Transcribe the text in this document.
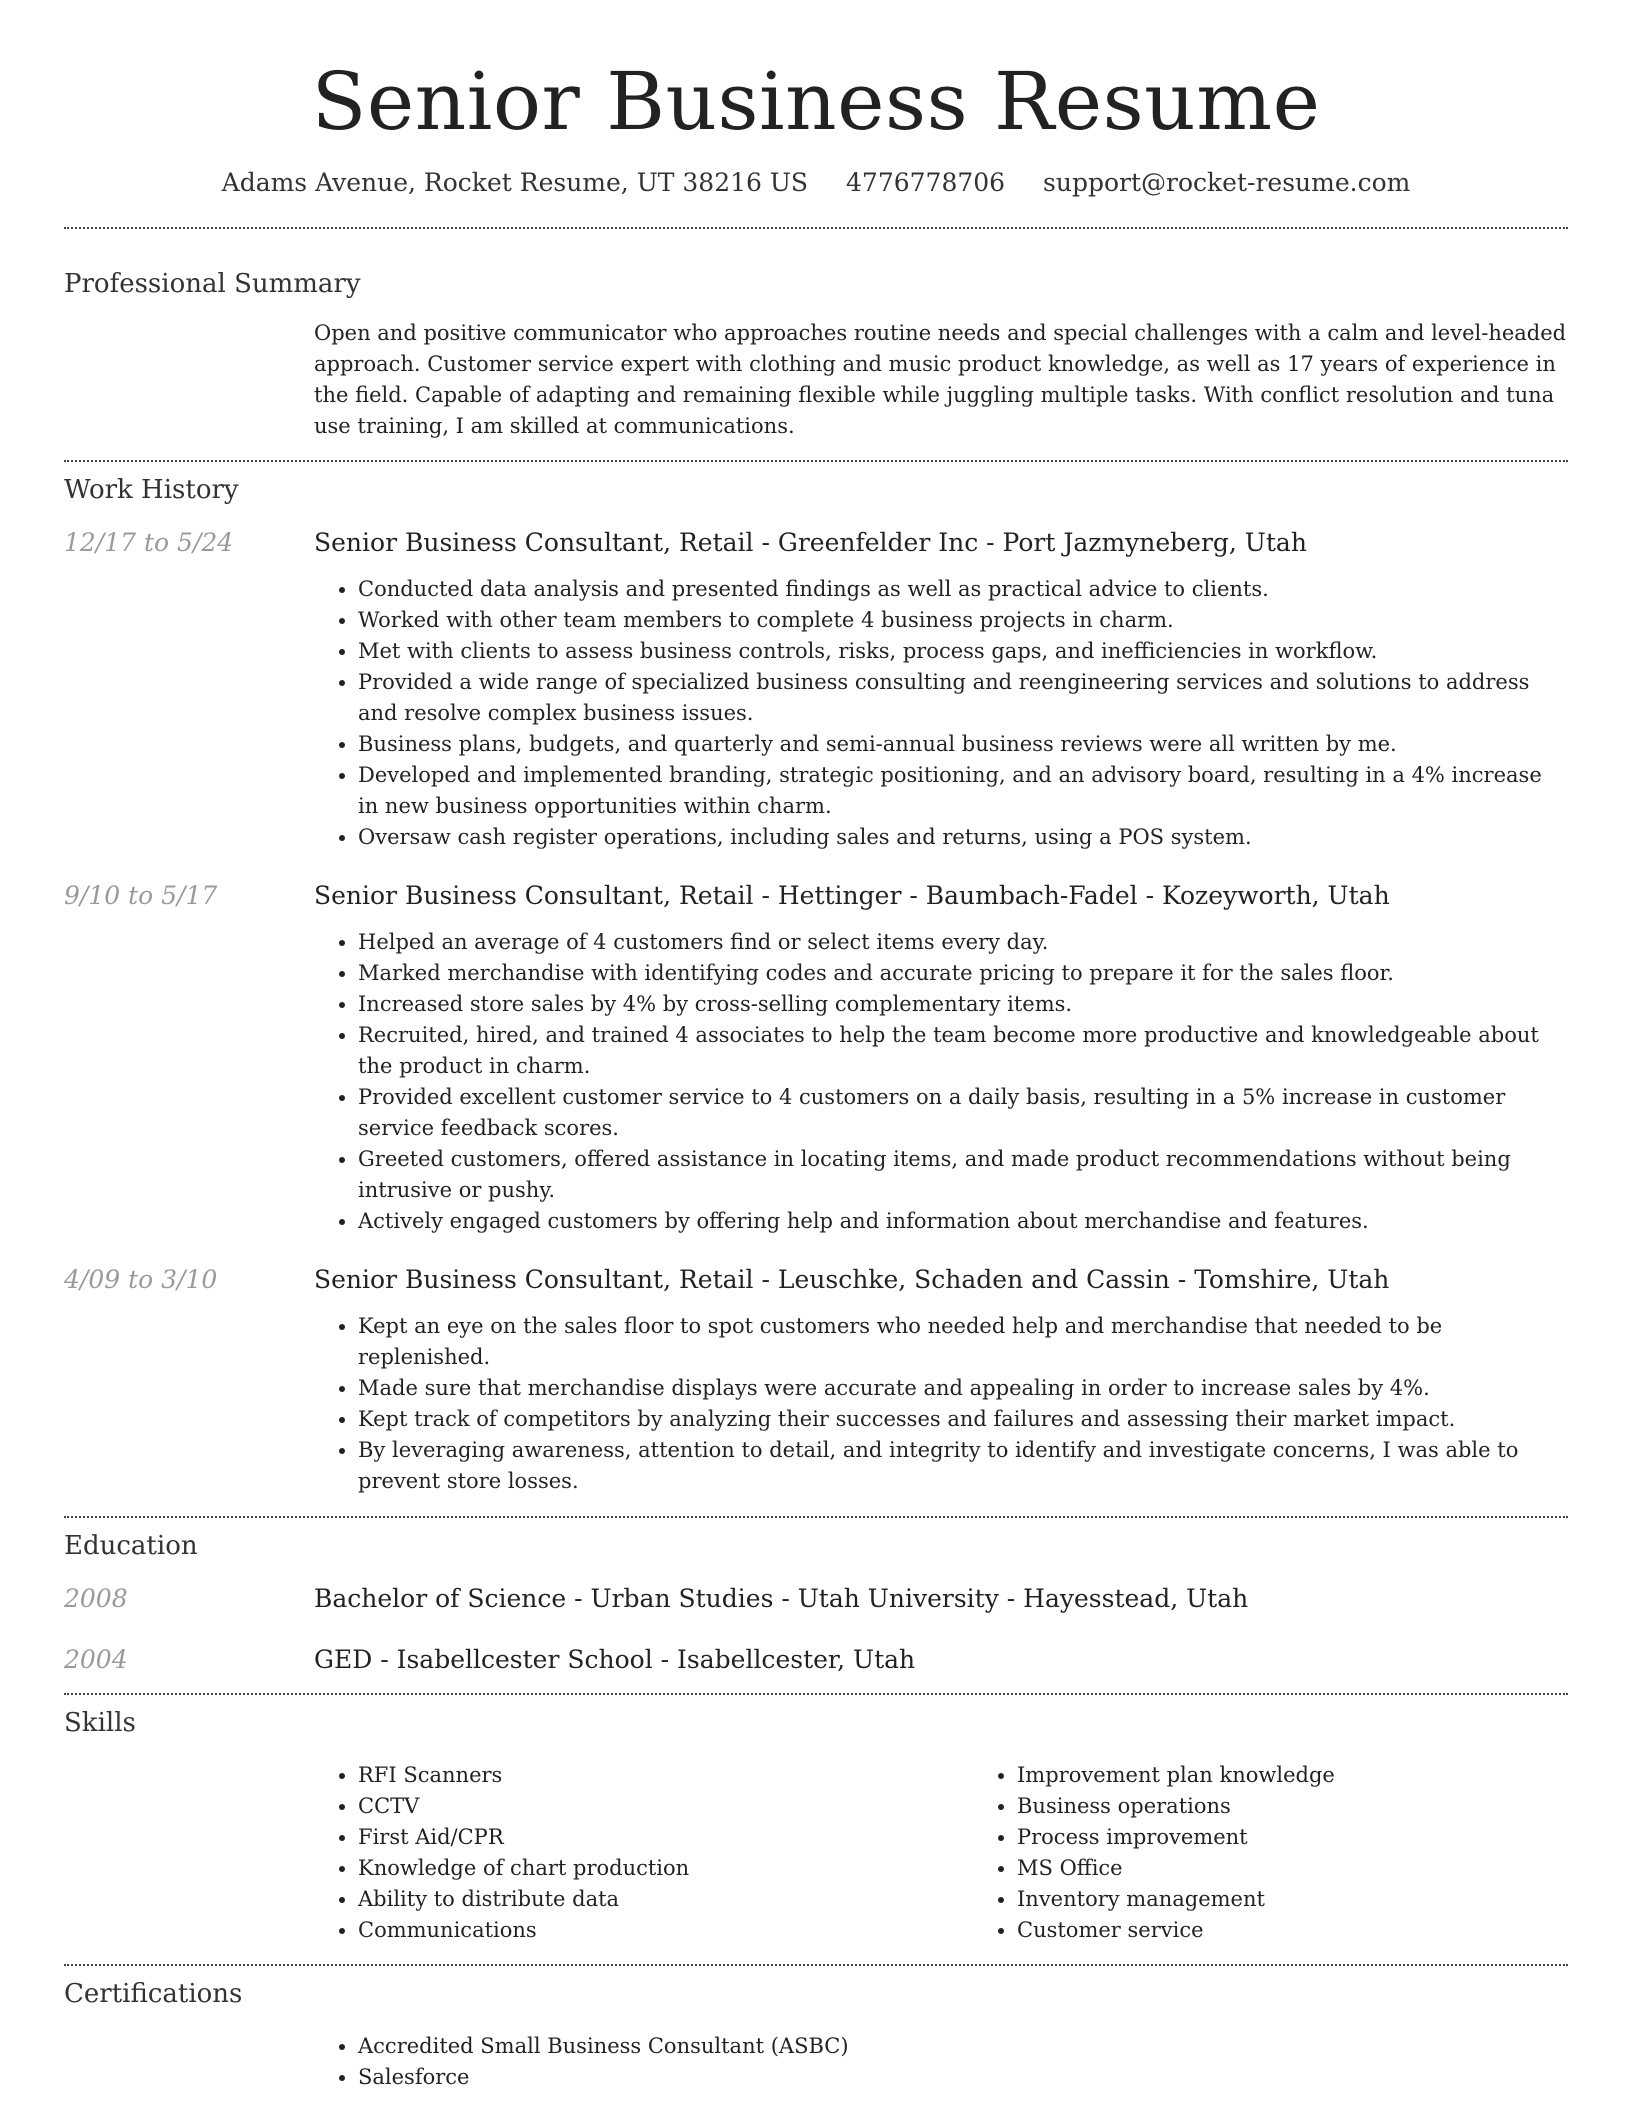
Senior Business Resume
Adams Avenue, Rocket Resume, UT 38216 US 4776778706 support@rocket-resume.com
Professional Summary
Open and positive communicator who approaches routine needs and special challenges with a calm and level-headed approach. Customer service expert with clothing and music product knowledge, as well as 17 years of experience in the field. Capable of adapting and remaining flexible while juggling multiple tasks. With conflict resolution and tuna use training, I am skilled at communications.
Work History
12/17 to 5/24	Senior Business Consultant, Retail - Greenfelder Inc - Port Jazmyneberg, Utah
• Conducted data analysis and presented findings as well as practical advice to clients.
• Worked with other team members to complete 4 business projects in charm.
• Met with clients to assess business controls, risks, process gaps, and inefficiencies in workflow.
• Provided a wide range of specialized business consulting and reengineering services and solutions to address and resolve complex business issues.
• Business plans, budgets, and quarterly and semi-annual business reviews were all written by me.
• Developed and implemented branding, strategic positioning, and an advisory board, resulting in a 4% increase in new business opportunities within charm.
• Oversaw cash register operations, including sales and returns, using a POS system.
9/10 to 5/17	Senior Business Consultant, Retail - Hettinger - Baumbach-Fadel - Kozeyworth, Utah
• Helped an average of 4 customers find or select items every day.
• Marked merchandise with identifying codes and accurate pricing to prepare it for the sales floor.
• Increased store sales by 4% by cross-selling complementary items.
• Recruited, hired, and trained 4 associates to help the team become more productive and knowledgeable about the product in charm.
• Provided excellent customer service to 4 customers on a daily basis, resulting in a 5% increase in customer service feedback scores.
• Greeted customers, offered assistance in locating items, and made product recommendations without being intrusive or pushy.
• Actively engaged customers by offering help and information about merchandise and features.
4/09 to 3/10	Senior Business Consultant, Retail - Leuschke, Schaden and Cassin - Tomshire, Utah
• Kept an eye on the sales floor to spot customers who needed help and merchandise that needed to be replenished.
• Made sure that merchandise displays were accurate and appealing in order to increase sales by 4%.
• Kept track of competitors by analyzing their successes and failures and assessing their market impact.
• By leveraging awareness, attention to detail, and integrity to identify and investigate concerns, I was able to prevent store losses.
Education
2008	Bachelor of Science - Urban Studies - Utah University - Hayesstead, Utah
2004	GED - Isabellcester School - Isabellcester, Utah
Skills
• RFI Scanners
• CCTV
• First Aid/CPR
• Knowledge of chart production
• Ability to distribute data
• Communications
• Improvement plan knowledge
• Business operations
• Process improvement
• MS Office
• Inventory management
• Customer service
Certifications
• Accredited Small Business Consultant (ASBC)
• Salesforce
